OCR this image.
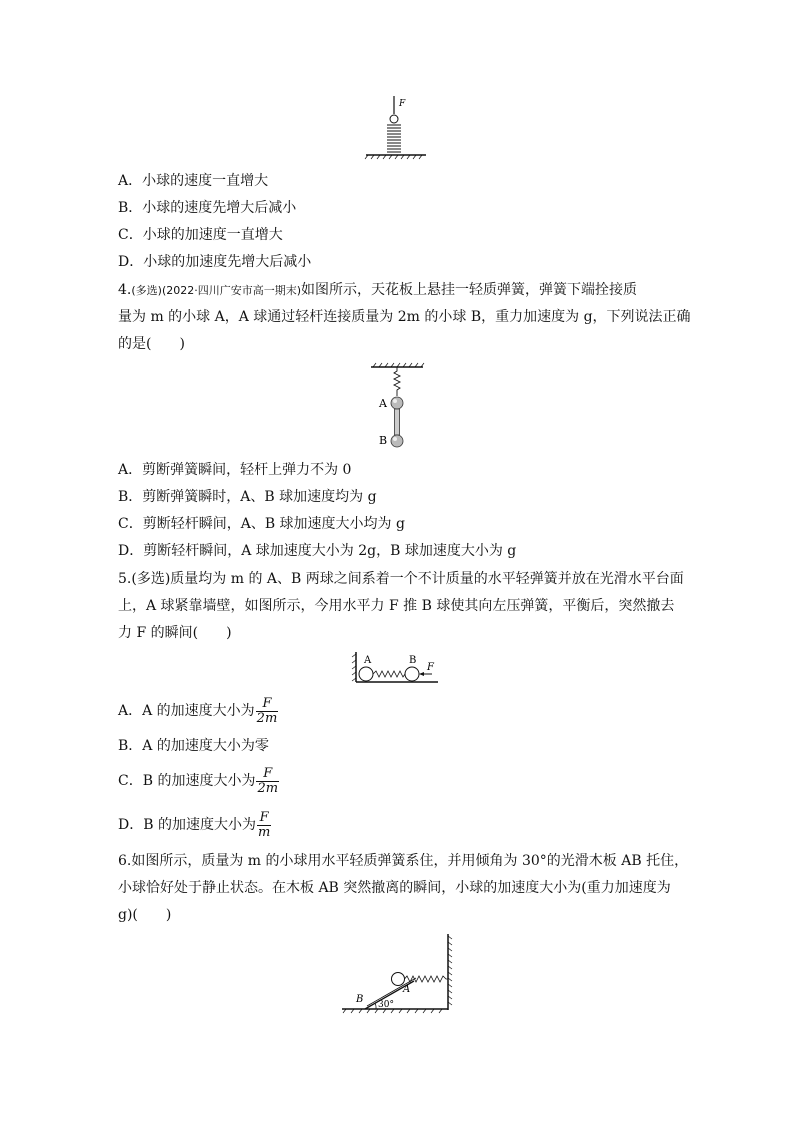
F
A．小球的速度一直增大
B．小球的速度先增大后减小
C．小球的加速度一直增大
D．小球的加速度先增大后减小
4.(多选)(2022·四川广安市高一期末)如图所示，天花板上悬挂一轻质弹簧，弹簧下端拴接质
量为 m 的小球 A，A 球通过轻杆连接质量为 2m 的小球 B，重力加速度为 g，下列说法正确
的是(　　)
A
B
A．剪断弹簧瞬间，轻杆上弹力不为 0
B．剪断弹簧瞬时，A、B 球加速度均为 g
C．剪断轻杆瞬间，A、B 球加速度大小均为 g
D．剪断轻杆瞬间，A 球加速度大小为 2g，B 球加速度大小为 g
5.(多选)质量均为 m 的 A、B 两球之间系着一个不计质量的水平轻弹簧并放在光滑水平台面
上，A 球紧靠墙壁，如图所示，今用水平力 F 推 B 球使其向左压弹簧，平衡后，突然撤去
力 F 的瞬间(　　)
A	B
F
A．A 的加速度大小为 $\frac{F}{2m}$
B．A 的加速度大小为零
C．B 的加速度大小为 $\frac{F}{2m}$
D．B 的加速度大小为 $\frac{F}{m}$
6.如图所示，质量为 m 的小球用水平轻质弹簧系住，并用倾角为 30°的光滑木板 AB 托住，
小球恰好处于静止状态。在木板 AB 突然撤离的瞬间，小球的加速度大小为(重力加速度为
g)(　　)
B
A
30°
